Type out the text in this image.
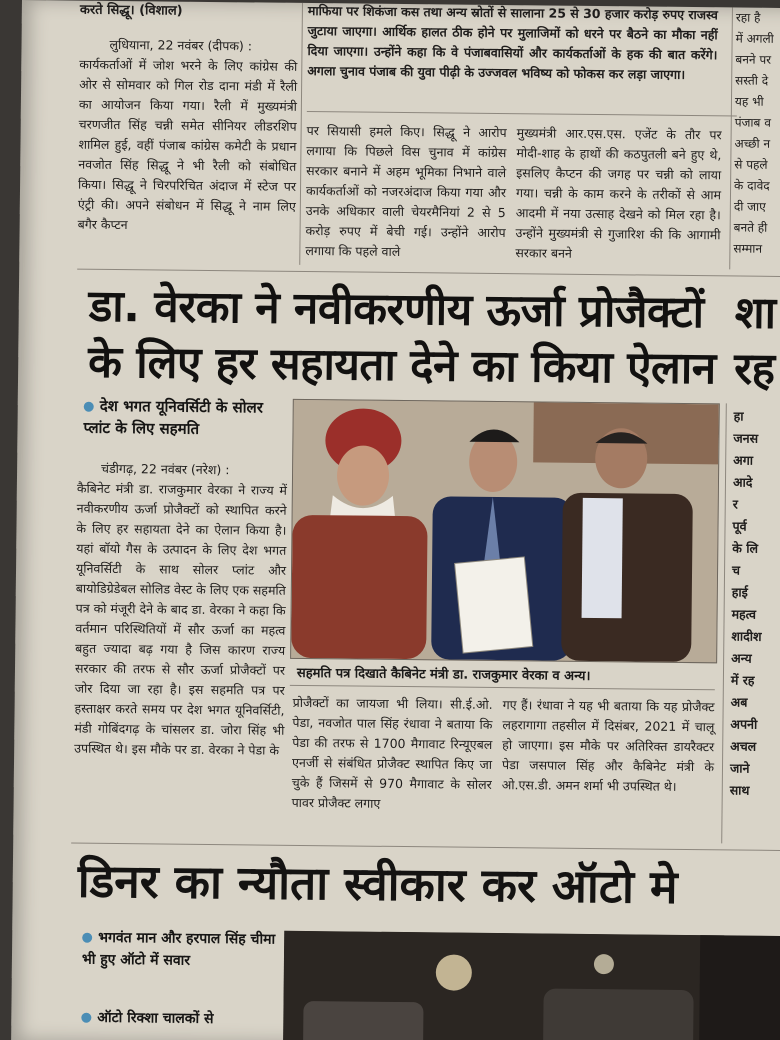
करते सिद्धू। (विशाल)
लुधियाना, 22 नवंबर (दीपक) :

कार्यकर्ताओं में जोश भरने के लिए कांग्रेस की ओर से सोमवार को गिल रोड दाना मंडी में रैली का आयोजन किया गया। रैली में मुख्यमंत्री चरणजीत सिंह चन्नी समेत सीनियर लीडरशिप शामिल हुई, वहीं पंजाब कांग्रेस कमेटी के प्रधान नवजोत सिंह सिद्धू ने भी रैली को संबोधित किया। सिद्धू ने चिरपरिचित अंदाज में स्टेज पर एंट्री की। अपने संबोधन में सिद्धू ने नाम लिए बगैर कैप्टन

माफिया पर शिकंजा कस तथा अन्य स्रोतों से सालाना 25 से 30 हजार करोड़ रुपए राजस्व जुटाया जाएगा। आर्थिक हालत ठीक होने पर मुलाजिमों को धरने पर बैठने का मौका नहीं दिया जाएगा। उन्होंने कहा कि वे पंजाबवासियों और कार्यकर्ताओं के हक की बात करेंगे। अगला चुनाव पंजाब की युवा पीढ़ी के उज्जवल भविष्य को फोकस कर लड़ा जाएगा।

पर सियासी हमले किए। सिद्धू ने आरोप लगाया कि पिछले विस चुनाव में कांग्रेस सरकार बनाने में अहम भूमिका निभाने वाले कार्यकर्ताओं को नजरअंदाज किया गया और उनके अधिकार वाली चेयरमैनियां 2 से 5 करोड़ रुपए में बेची गई। उन्होंने आरोप लगाया कि पहले वाले

मुख्यमंत्री आर.एस.एस. एजेंट के तौर पर मोदी-शाह के हाथों की कठपुतली बने हुए थे, इसलिए कैप्टन की जगह पर चन्नी को लाया गया। चन्नी के काम करने के तरीकों से आम आदमी में नया उत्साह देखने को मिल रहा है। उन्होंने मुख्यमंत्री से गुजारिश की कि आगामी सरकार बनने

रहा है
में अगली
बनने पर
सस्ती दे
यह भी
पंजाब व
अच्छी न
से पहले
के दावेद
दी जाए
बनते ही
सम्मान
डा. वेरका ने नवीकरणीय ऊर्जा प्रोजैक्टों
के लिए हर सहायता देने का किया ऐलान
शा
रह
देश भगत यूनिवर्सिटी के सोलर प्लांट के लिए सहमति
चंडीगढ़, 22 नवंबर (नरेश) :

कैबिनेट मंत्री डा. राजकुमार वेरका ने राज्य में नवीकरणीय ऊर्जा प्रोजैक्टों को स्थापित करने के लिए हर सहायता देने का ऐलान किया है। यहां बॉयो गैस के उत्पादन के लिए देश भगत यूनिवर्सिटी के साथ सोलर प्लांट और बायोडिग्रेडेबल सोलिड वेस्ट के लिए एक सहमति पत्र को मंजूरी देने के बाद डा. वेरका ने कहा कि वर्तमान परिस्थितियों में सौर ऊर्जा का महत्व बहुत ज्यादा बढ़ गया है जिस कारण राज्य सरकार की तरफ से सौर ऊर्जा प्रोजैक्टों पर जोर दिया जा रहा है। इस सहमति पत्र पर हस्ताक्षर करते समय पर देश भगत यूनिवर्सिटी, मंडी गोबिंदगढ़ के चांसलर डा. जोरा सिंह भी उपस्थित थे। इस मौके पर डा. वेरका ने पेडा के

सहमति पत्र दिखाते कैबिनेट मंत्री डा. राजकुमार वेरका व अन्य।

प्रोजैक्टों का जायजा भी लिया। सी.ई.ओ. पेडा, नवजोत पाल सिंह रंधावा ने बताया कि पेडा की तरफ से 1700 मैगावाट रिन्यूएबल एनर्जी से संबंधित प्रोजैक्ट स्थापित किए जा चुके हैं जिसमें से 970 मैगावाट के सोलर पावर प्रोजैक्ट लगाए

गए हैं। रंधावा ने यह भी बताया कि यह प्रोजैक्ट लहरागागा तहसील में दिसंबर, 2021 में चालू हो जाएगा। इस मौके पर अतिरिक्त डायरैक्टर पेडा जसपाल सिंह और कैबिनेट मंत्री के ओ.एस.डी. अमन शर्मा भी उपस्थित थे।

हा
जनस
अगा
आदे
र
पूर्व
के लि
च
हाई
महत्व
शादीश
अन्य
में रह
अब
अपनी
अचल
जाने
साथ
डिनर का न्यौता स्वीकार कर ऑटो मे
भगवंत मान और हरपाल सिंह चीमा भी हुए ऑटो में सवार
ऑटो रिक्शा चालकों से
